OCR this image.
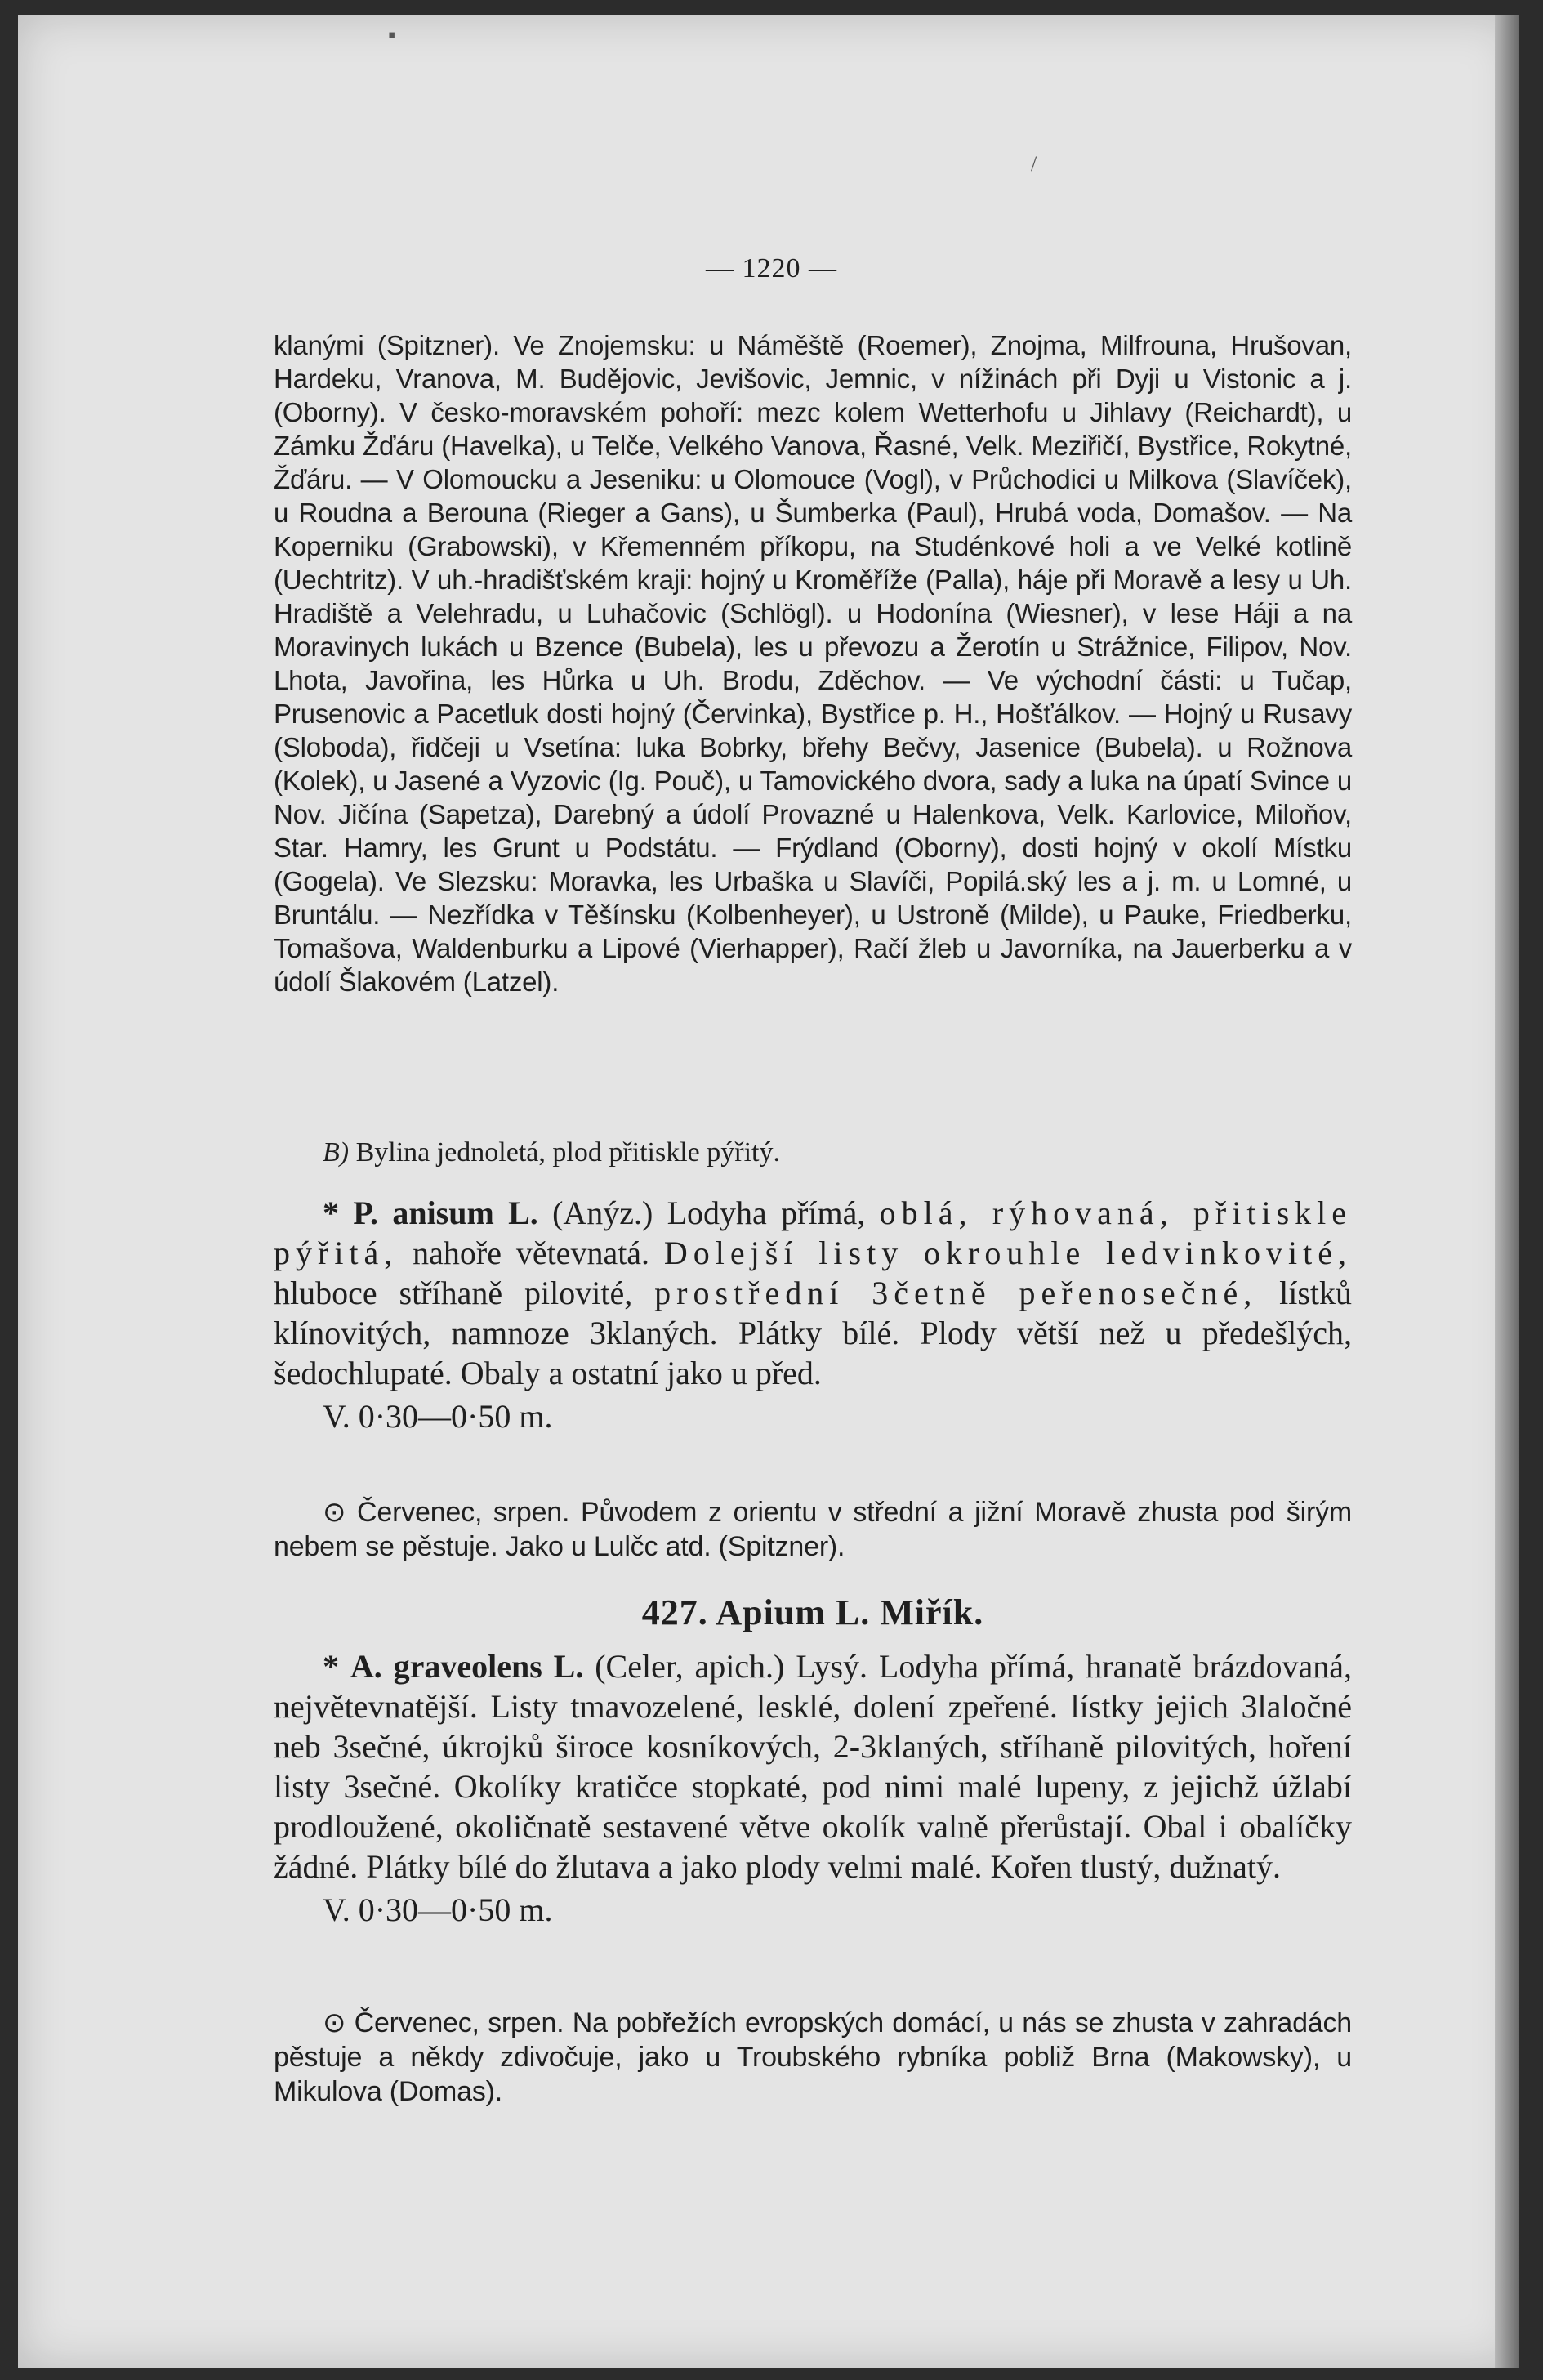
▪
/
— 1220 —
klanými (Spitzner). Ve Znojemsku: u Náměště (Roemer), Znojma, Milfrouna, Hrušovan, Hardeku, Vranova, M. Budějovic, Jevišovic, Jemnic, v nížinách při Dyji u Vistonic a j. (Oborny). V česko-moravském pohoří: mezc kolem Wetterhofu u Jihlavy (Reichardt), u Zámku Žďáru (Havelka), u Telče, Velkého Vanova, Řasné, Velk. Meziřičí, Bystřice, Rokytné, Žďáru. — V Olomoucku a Jeseniku: u Olomouce (Vogl), v Průchodici u Milkova (Slavíček), u Roudna a Berouna (Rieger a Gans), u Šumberka (Paul), Hrubá voda, Domašov. — Na Koperniku (Grabowski), v Křemenném příkopu, na Studénkové holi a ve Velké kotlině (Uechtritz). V uh.-hradišťském kraji: hojný u Kroměříže (Palla), háje při Moravě a lesy u Uh. Hradiště a Velehradu, u Luhačovic (Schlögl). u Hodonína (Wiesner), v lese Háji a na Moravinych lukách u Bzence (Bubela), les u převozu a Žerotín u Strážnice, Filipov, Nov. Lhota, Javořina, les Hůrka u Uh. Brodu, Zděchov. — Ve východní části: u Tučap, Prusenovic a Pacetluk dosti hojný (Červinka), Bystřice p. H., Hošťálkov. — Hojný u Rusavy (Sloboda), řidčeji u Vsetína: luka Bobrky, břehy Bečvy, Jasenice (Bubela). u Rožnova (Kolek), u Jasené a Vyzovic (Ig. Pouč), u Tamovického dvora, sady a luka na úpatí Svince u Nov. Jičína (Sapetza), Darebný a údolí Provazné u Halenkova, Velk. Karlovice, Miloňov, Star. Hamry, les Grunt u Podstátu. — Frýdland (Oborny), dosti hojný v okolí Místku (Gogela). Ve Slezsku: Moravka, les Urbaška u Slavíči, Popilá.ský les a j. m. u Lomné, u Bruntálu. — Nezřídka v Těšínsku (Kolbenheyer), u Ustroně (Milde), u Pauke, Friedberku, Tomašova, Waldenburku a Lipové (Vierhapper), Račí žleb u Javorníka, na Jauerberku a v údolí Šlakovém (Latzel).

B) Bylina jednoletá, plod přitiskle pýřitý.

* P. anisum L. (Anýz.) Lodyha přímá, oblá, rýhovaná, přitiskle pýřitá, nahoře větevnatá. Dolejší listy okrouhle ledvinkovité, hluboce stříhaně pilovité, prostřední 3četně peřenosečné, lístků klínovitých, namnoze 3klaných. Plátky bílé. Plody větší než u předešlých, šedochlupaté. Obaly a ostatní jako u před.

V. 0·30—0·50 m.

⊙ Červenec, srpen. Původem z orientu v střední a jižní Moravě zhusta pod širým nebem se pěstuje. Jako u Lulčc atd. (Spitzner).

427. Apium L. Miřík.

* A. graveolens L. (Celer, apich.) Lysý. Lodyha přímá, hranatě brázdovaná, největevnatější. Listy tmavozelené, lesklé, dolení zpeřené. lístky jejich 3laločné neb 3sečné, úkrojků široce kosníkových, 2-3klaných, stříhaně pilovitých, hoření listy 3sečné. Okolíky kratičce stopkaté, pod nimi malé lupeny, z jejichž úžlabí prodloužené, okoličnatě sestavené větve okolík valně přerůstají. Obal i obalíčky žádné. Plátky bílé do žlutava a jako plody velmi malé. Kořen tlustý, dužnatý.

V. 0·30—0·50 m.

⊙ Červenec, srpen. Na pobřežích evropských domácí, u nás se zhusta v zahradách pěstuje a někdy zdivočuje, jako u Troubského rybníka pobliž Brna (Makowsky), u Mikulova (Domas).
